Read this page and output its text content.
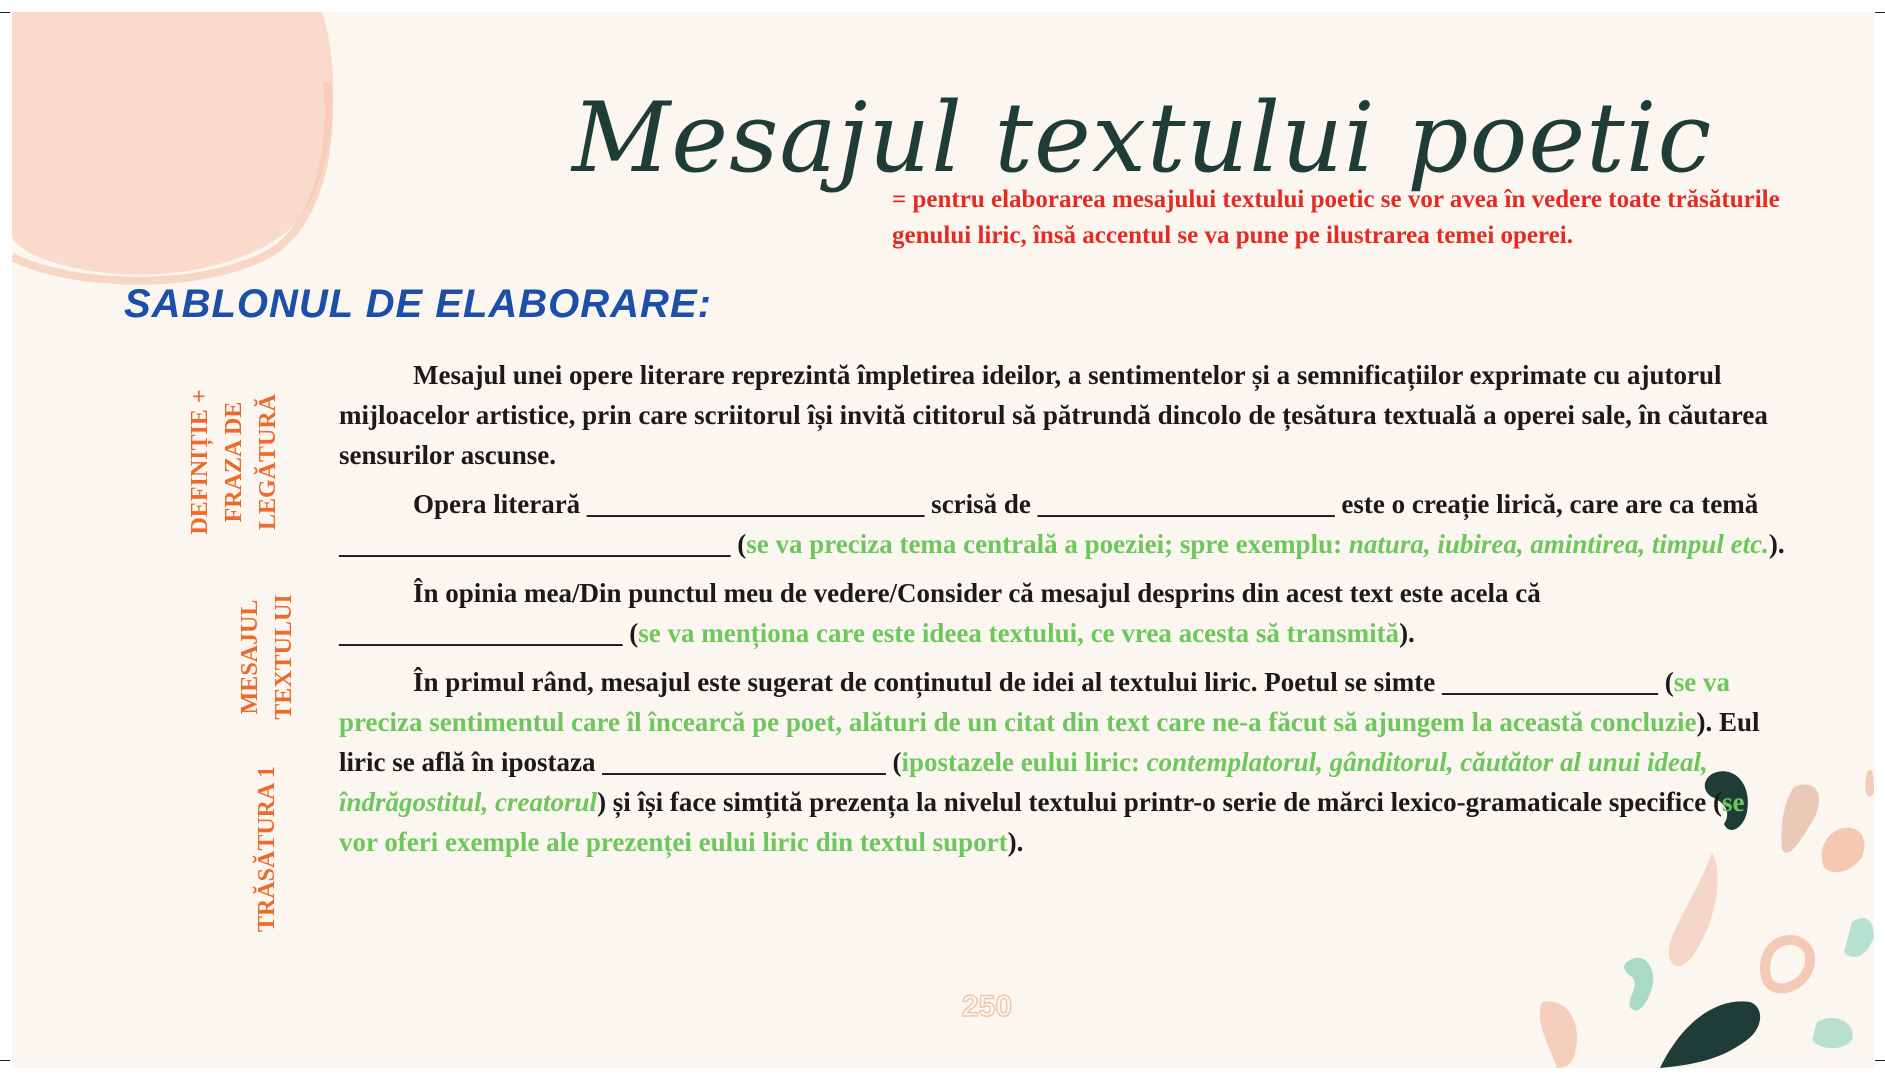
Mesajul textului poetic
= pentru elaborarea mesajului textului poetic se vor avea în vedere toate trăsăturile genului liric, însă accentul se va pune pe ilustrarea temei operei.
SABLONUL DE ELABORARE:
DEFINIȚIE + FRAZA DE LEGĂTURĂ
MESAJUL TEXTULUI
TRĂSĂTURA 1

Mesajul unei opere literare reprezintă împletirea ideilor, a sentimentelor și a semnificațiilor exprimate cu ajutorul mijloacelor artistice, prin care scriitorul își invită cititorul să pătrundă dincolo de țesătura textuală a operei sale, în căutarea sensurilor ascunse.

Opera literară _________________________ scrisă de ______________________ este o creație lirică, care are ca temă _____________________________ (se va preciza tema centrală a poeziei; spre exemplu: natura, iubirea, amintirea, timpul etc.).

În opinia mea/Din punctul meu de vedere/Consider că mesajul desprins din acest text este acela că _____________________ (se va menționa care este ideea textului, ce vrea acesta să transmită).

În primul rând, mesajul este sugerat de conținutul de idei al textului liric. Poetul se simte ________________ (se va preciza sentimentul care îl încearcă pe poet, alături de un citat din text care ne-a făcut să ajungem la această concluzie). Eul liric se află în ipostaza _____________________ (ipostazele eului liric: contemplatorul, gânditorul, căutător al unui ideal, îndrăgostitul, creatorul) și își face simțită prezența la nivelul textului printr-o serie de mărci lexico-gramaticale specifice (se vor oferi exemple ale prezenței eului liric din textul suport).

250
